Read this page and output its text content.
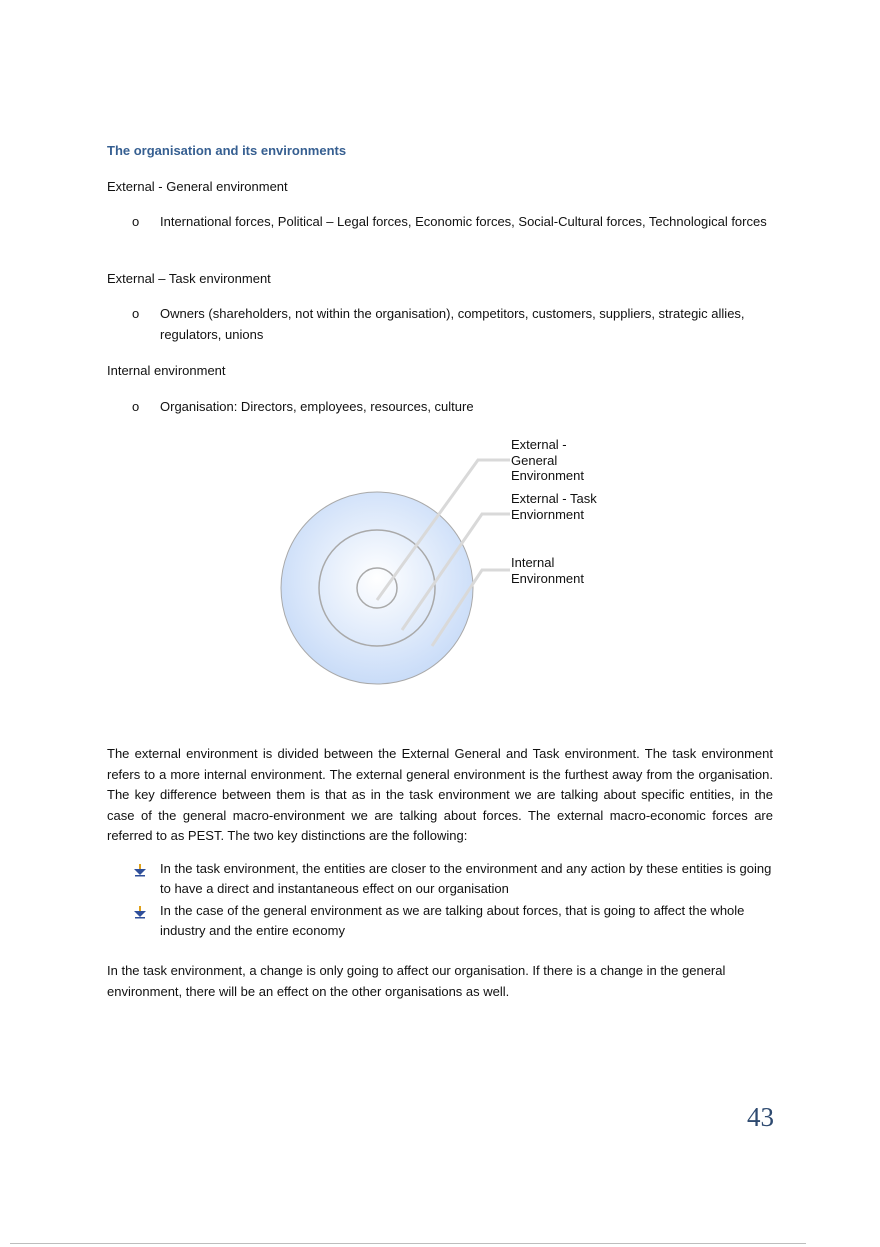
The organisation and its environments
External - General environment
o International forces, Political – Legal forces, Economic forces, Social-Cultural forces, Technological forces
External – Task environment
o Owners (shareholders, not within the organisation), competitors, customers, suppliers, strategic allies, regulators, unions
Internal environment
o Organisation: Directors, employees, resources, culture
External - General Environment
External - Task Enviornment
Internal Environment
The external environment is divided between the External General and Task environment. The task environment refers to a more internal environment. The external general environment is the furthest away from the organisation. The key difference between them is that as in the task environment we are talking about specific entities, in the case of the general macro-environment we are talking about forces. The external macro-economic forces are referred to as PEST. The two key distinctions are the following:
In the task environment, the entities are closer to the environment and any action by these entities is going to have a direct and instantaneous effect on our organisation
In the case of the general environment as we are talking about forces, that is going to affect the whole industry and the entire economy
In the task environment, a change is only going to affect our organisation. If there is a change in the general environment, there will be an effect on the other organisations as well.
43
